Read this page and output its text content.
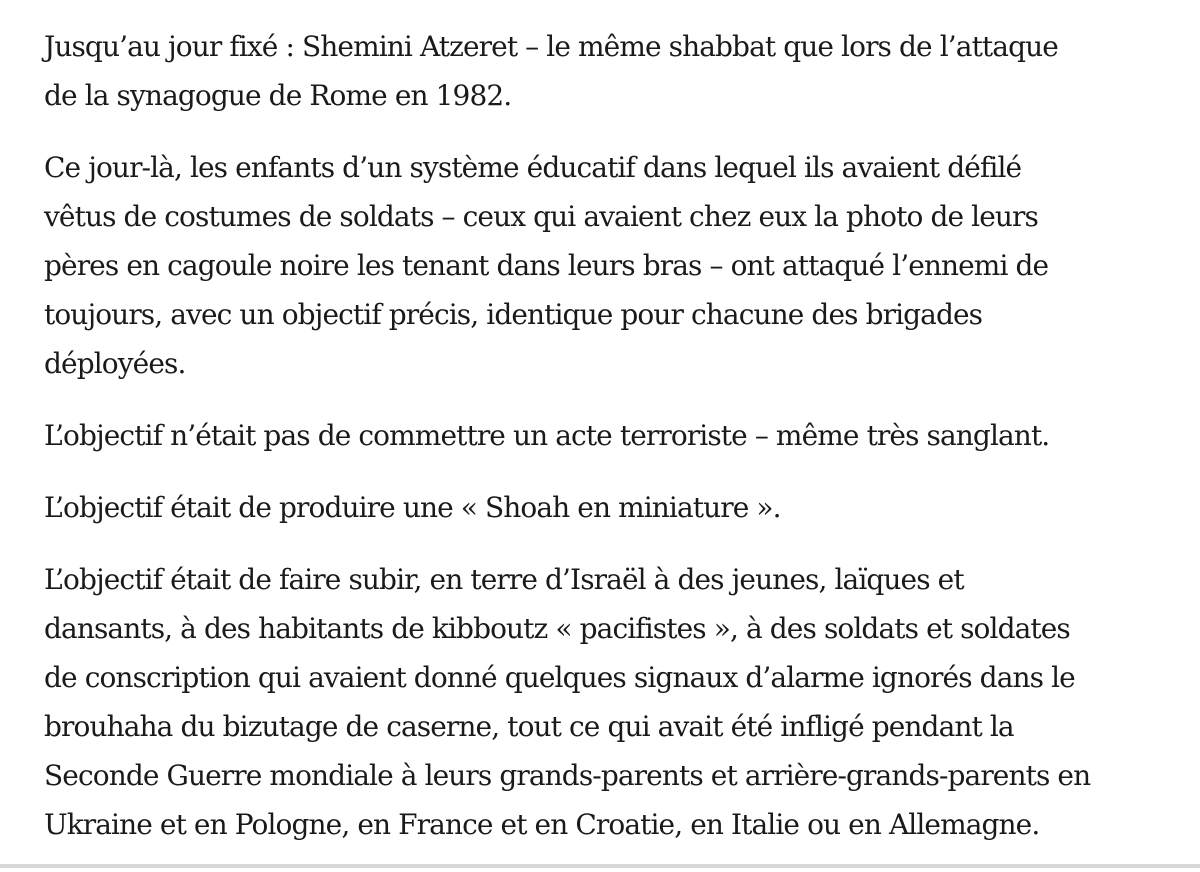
Jusqu’au jour fixé : Shemini Atzeret – le même shabbat que lors de l’attaque
de la synagogue de Rome en 1982.

Ce jour-là, les enfants d’un système éducatif dans lequel ils avaient défilé
vêtus de costumes de soldats – ceux qui avaient chez eux la photo de leurs
pères en cagoule noire les tenant dans leurs bras – ont attaqué l’ennemi de
toujours, avec un objectif précis, identique pour chacune des brigades
déployées.

L’objectif n’était pas de commettre un acte terroriste – même très sanglant.

L’objectif était de produire une « Shoah en miniature ».

L’objectif était de faire subir, en terre d’Israël à des jeunes, laïques et
dansants, à des habitants de kibboutz « pacifistes », à des soldats et soldates
de conscription qui avaient donné quelques signaux d’alarme ignorés dans le
brouhaha du bizutage de caserne, tout ce qui avait été infligé pendant la
Seconde Guerre mondiale à leurs grands-parents et arrière-grands-parents en
Ukraine et en Pologne, en France et en Croatie, en Italie ou en Allemagne.
